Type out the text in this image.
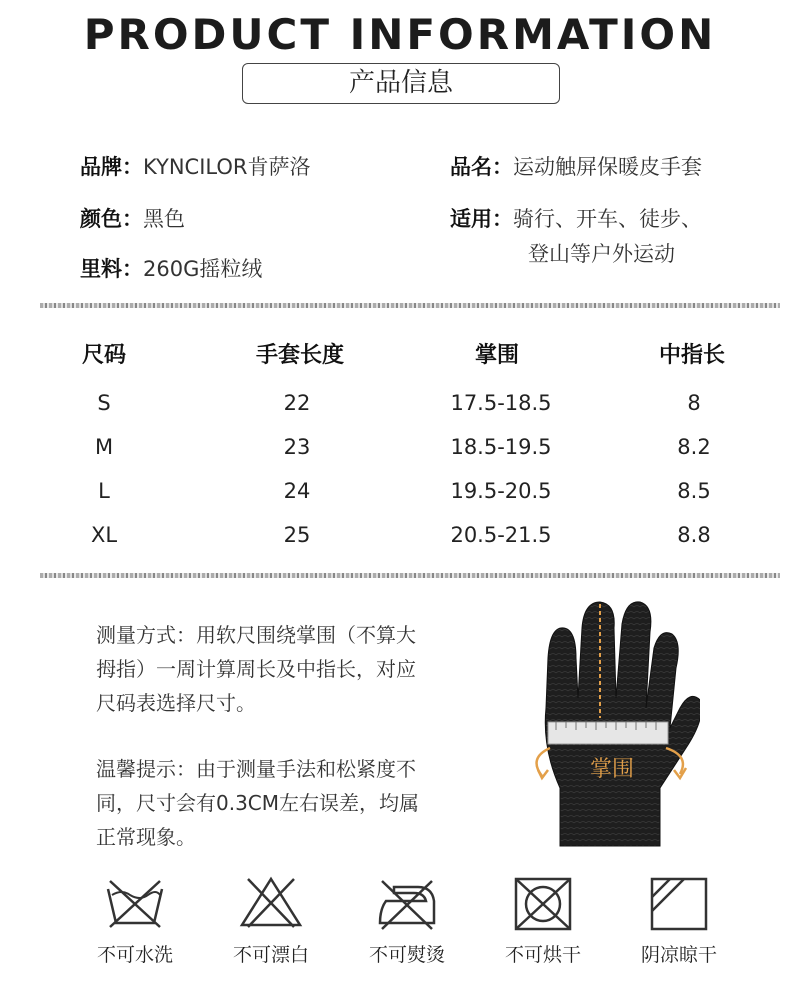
PRODUCT INFORMATION
产品信息
品牌：KYNCILOR肯萨洛	品名：运动触屏保暖皮手套
颜色：黑色	适用：骑行、开车、徒步、
登山等户外运动
里料：260G摇粒绒
尺码	手套长度	掌围	中指长
S	22	17.5-18.5	8
M	23	18.5-19.5	8.2
L	24	19.5-20.5	8.5
XL	25	20.5-21.5	8.8
测量方式：用软尺围绕掌围（不算大
拇指）一周计算周长及中指长，对应
尺码表选择尺寸。
温馨提示：由于测量手法和松紧度不
同，尺寸会有0.3CM左右误差，均属
正常现象。
掌围
不可水洗	不可漂白	不可熨烫	不可烘干	阴凉晾干
